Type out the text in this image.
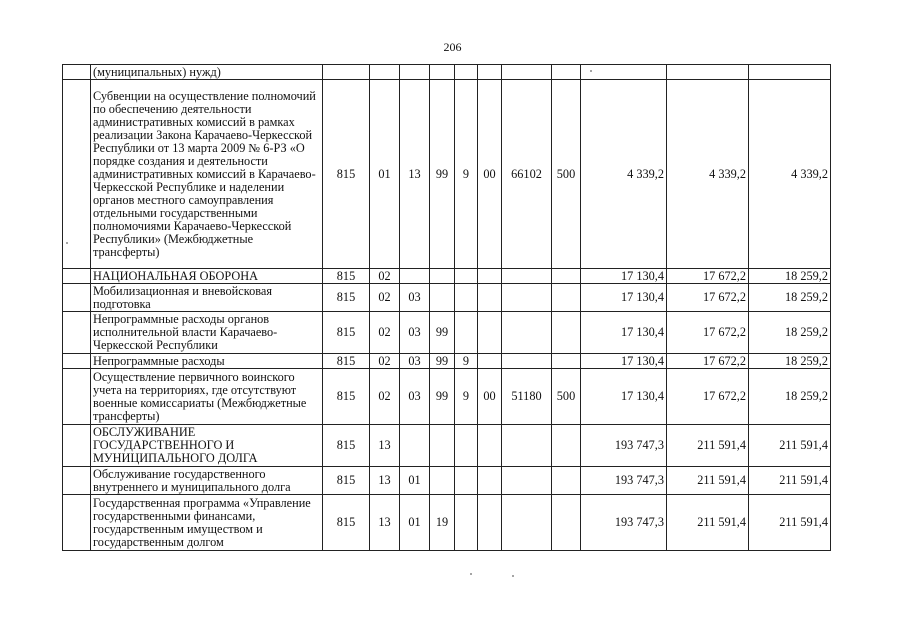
206
	(муниципальных) нужд)											
	Субвенции на осуществление полномочий по обеспечению деятельности административных комиссий в рамках реализации Закона Карачаево-Черкесской Республики от 13 марта 2009 № 6-РЗ «О порядке создания и деятельности административных комиссий в Карачаево-Черкесской Республике и наделении органов местного самоуправления отдельными государственными полномочиями Карачаево-Черкесской Республики» (Межбюджетные трансферты)	815	01	13	99	9	00	66102	500	4 339,2	4 339,2	4 339,2
	НАЦИОНАЛЬНАЯ ОБОРОНА	815	02							17 130,4	17 672,2	18 259,2
	Мобилизационная и вневойсковая подготовка	815	02	03						17 130,4	17 672,2	18 259,2
	Непрограммные расходы органов исполнительной власти Карачаево-Черкесской Республики	815	02	03	99					17 130,4	17 672,2	18 259,2
	Непрограммные расходы	815	02	03	99	9				17 130,4	17 672,2	18 259,2
	Осуществление первичного воинского учета на территориях, где отсутствуют военные комиссариаты (Межбюджетные трансферты)	815	02	03	99	9	00	51180	500	17 130,4	17 672,2	18 259,2
	ОБСЛУЖИВАНИЕ ГОСУДАРСТВЕННОГО И МУНИЦИПАЛЬНОГО ДОЛГА	815	13							193 747,3	211 591,4	211 591,4
	Обслуживание государственного внутреннего и муниципального долга	815	13	01						193 747,3	211 591,4	211 591,4
	Государственная программа «Управление государственными финансами, государственным имуществом и государственным долгом	815	13	01	19					193 747,3	211 591,4	211 591,4
